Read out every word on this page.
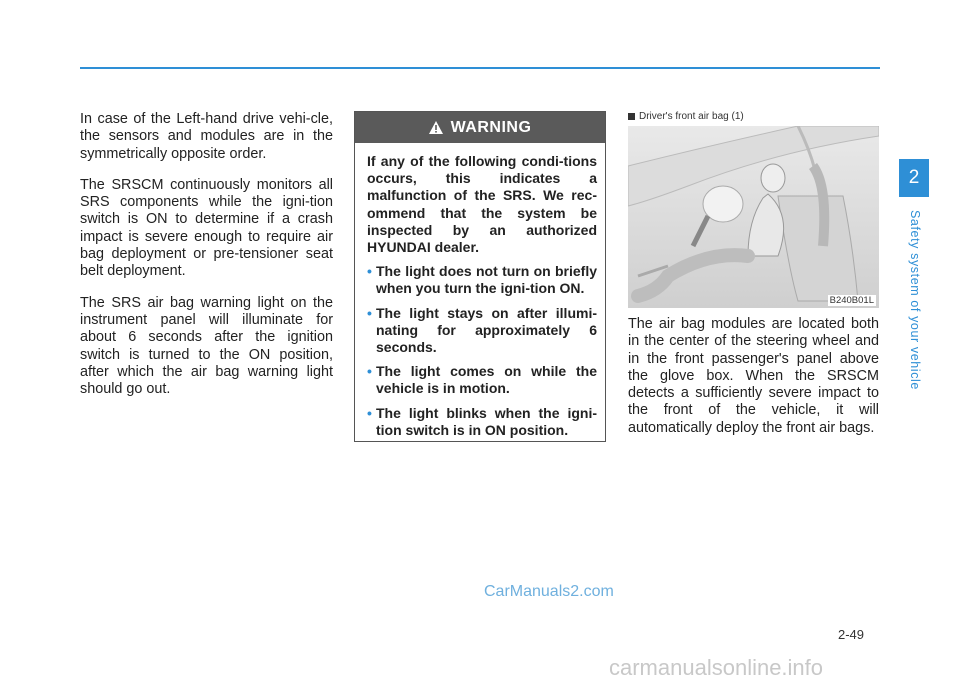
In case of the Left-hand drive vehi-cle, the sensors and modules are in the symmetrically opposite order.

The SRSCM continuously monitors all SRS components while the igni-tion switch is ON to determine if a crash impact is severe enough to require air bag deployment or pre-tensioner seat belt deployment.

The SRS air bag warning light on the instrument panel will illuminate for about 6 seconds after the ignition switch is turned to the ON position, after which the air bag warning light should go out.

WARNING

If any of the following condi-tions occurs, this indicates a malfunction of the SRS. We rec-ommend that the system be inspected by an authorized HYUNDAI dealer.

• The light does not turn on briefly when you turn the igni-tion ON.
• The light stays on after illumi-nating for approximately 6 seconds.
• The light comes on while the vehicle is in motion.
• The light blinks when the igni-tion switch is in ON position.
Driver's front air bag (1)
B240B01L

The air bag modules are located both in the center of the steering wheel and in the front passenger's panel above the glove box. When the SRSCM detects a sufficiently severe impact to the front of the vehicle, it will automatically deploy the front air bags.

2
Safety system of your vehicle
2-49
CarManuals2.com
carmanualsonline.info
